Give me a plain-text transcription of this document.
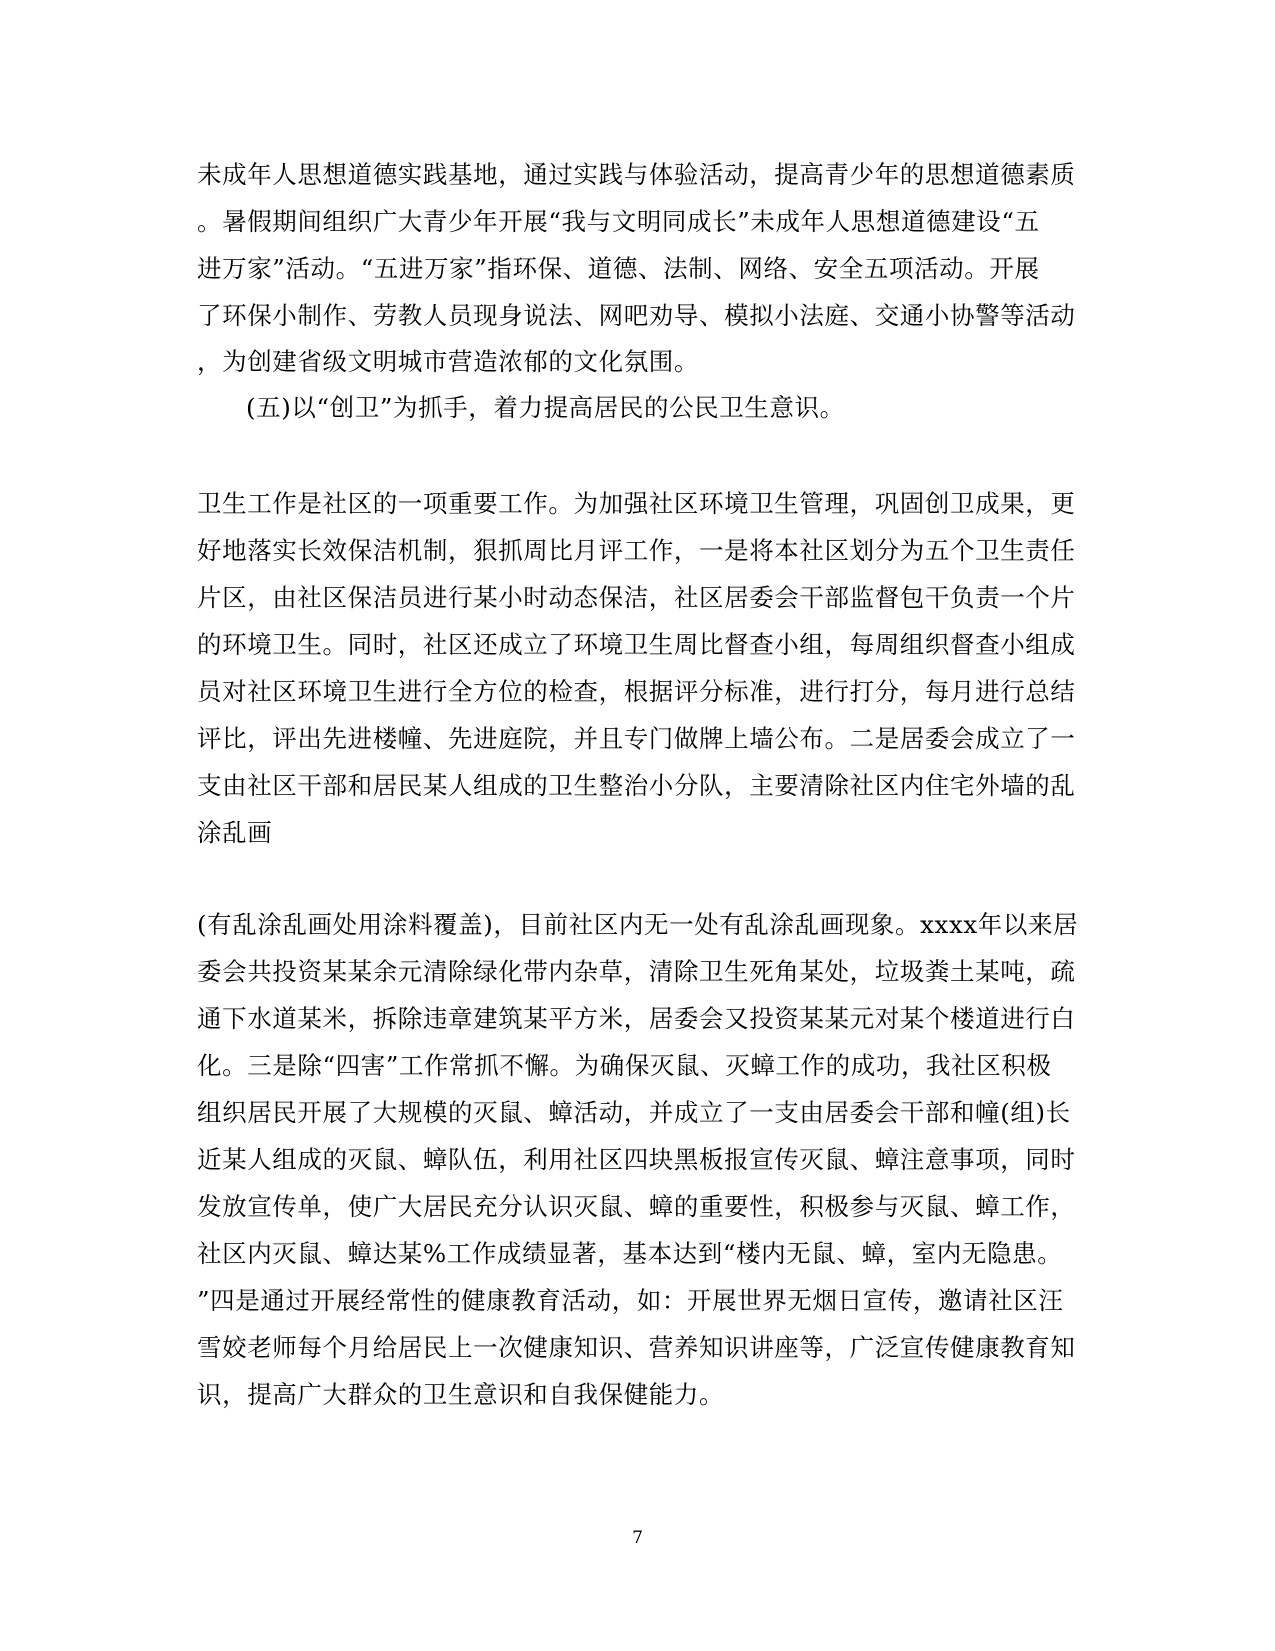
未成年人思想道德实践基地，通过实践与体验活动，提高青少年的思想道德素质
。暑假期间组织广大青少年开展“我与文明同成长”未成年人思想道德建设“五
进万家”活动。“五进万家”指环保、道德、法制、网络、安全五项活动。开展
了环保小制作、劳教人员现身说法、网吧劝导、模拟小法庭、交通小协警等活动
，为创建省级文明城市营造浓郁的文化氛围。
(五)以“创卫”为抓手，着力提高居民的公民卫生意识。
卫生工作是社区的一项重要工作。为加强社区环境卫生管理，巩固创卫成果，更
好地落实长效保洁机制，狠抓周比月评工作，一是将本社区划分为五个卫生责任
片区，由社区保洁员进行某小时动态保洁，社区居委会干部监督包干负责一个片
的环境卫生。同时，社区还成立了环境卫生周比督查小组，每周组织督查小组成
员对社区环境卫生进行全方位的检查，根据评分标准，进行打分，每月进行总结
评比，评出先进楼幢、先进庭院，并且专门做牌上墙公布。二是居委会成立了一
支由社区干部和居民某人组成的卫生整治小分队，主要清除社区内住宅外墙的乱
涂乱画
(有乱涂乱画处用涂料覆盖)，目前社区内无一处有乱涂乱画现象。xxxx年以来居
委会共投资某某余元清除绿化带内杂草，清除卫生死角某处，垃圾粪土某吨，疏
通下水道某米，拆除违章建筑某平方米，居委会又投资某某元对某个楼道进行白
化。三是除“四害”工作常抓不懈。为确保灭鼠、灭蟑工作的成功，我社区积极
组织居民开展了大规模的灭鼠、蟑活动，并成立了一支由居委会干部和幢(组)长
近某人组成的灭鼠、蟑队伍，利用社区四块黑板报宣传灭鼠、蟑注意事项，同时
发放宣传单，使广大居民充分认识灭鼠、蟑的重要性，积极参与灭鼠、蟑工作，
社区内灭鼠、蟑达某%工作成绩显著，基本达到“楼内无鼠、蟑，室内无隐患。
”四是通过开展经常性的健康教育活动，如：开展世界无烟日宣传，邀请社区汪
雪姣老师每个月给居民上一次健康知识、营养知识讲座等，广泛宣传健康教育知
识，提高广大群众的卫生意识和自我保健能力。
7
